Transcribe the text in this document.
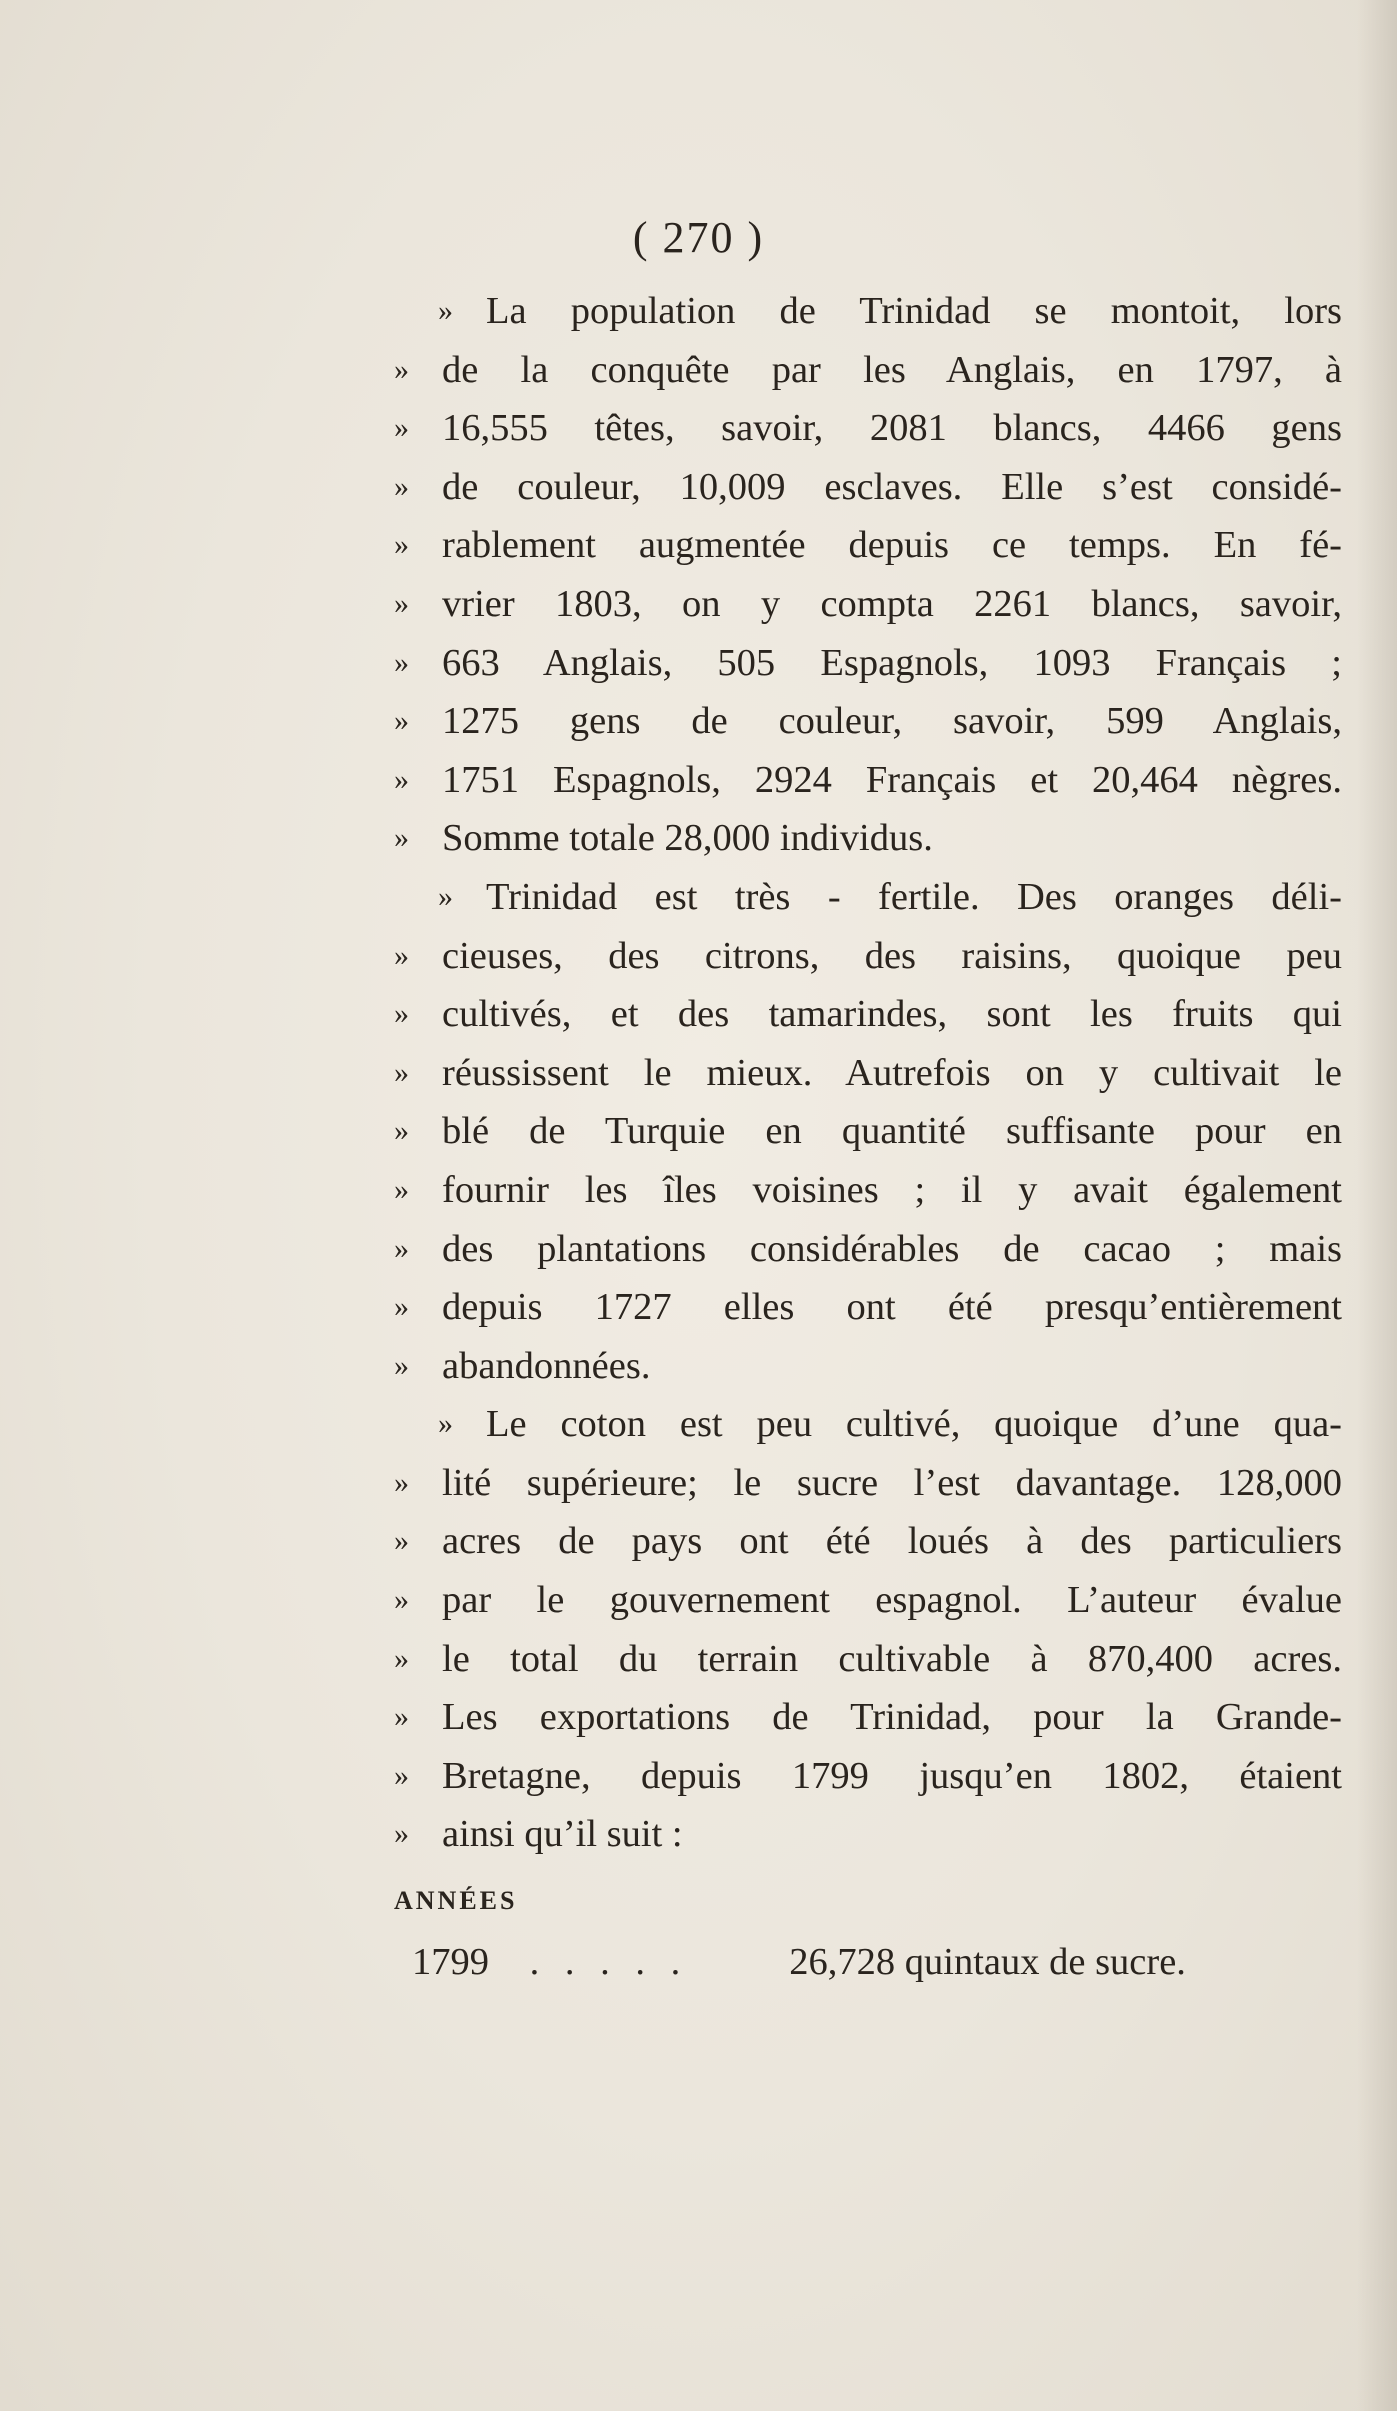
( 270 )
» La population de Trinidad se montoit, lors
» de la conquête par les Anglais, en 1797, à
» 16,555 têtes, savoir, 2081 blancs, 4466 gens
» de couleur, 10,009 esclaves. Elle s’est considé-
» rablement augmentée depuis ce temps. En fé-
» vrier 1803, on y compta 2261 blancs, savoir,
» 663 Anglais, 505 Espagnols, 1093 Français ;
» 1275 gens de couleur, savoir, 599 Anglais,
» 1751 Espagnols, 2924 Français et 20,464 nègres.
» Somme totale 28,000 individus.
» Trinidad est très - fertile. Des oranges déli-
» cieuses, des citrons, des raisins, quoique peu
» cultivés, et des tamarindes, sont les fruits qui
» réussissent le mieux. Autrefois on y cultivait le
» blé de Turquie en quantité suffisante pour en
» fournir les îles voisines ; il y avait également
» des plantations considérables de cacao ; mais
» depuis 1727 elles ont été presqu’entièrement
» abandonnées.
» Le coton est peu cultivé, quoique d’une qua-
» lité supérieure; le sucre l’est davantage. 128,000
» acres de pays ont été loués à des particuliers
» par le gouvernement espagnol. L’auteur évalue
» le total du terrain cultivable à 870,400 acres.
» Les exportations de Trinidad, pour la Grande-
» Bretagne, depuis 1799 jusqu’en 1802, étaient
» ainsi qu’il suit :
ANNÉES
1799 . . . . .	26,728 quintaux de sucre.
